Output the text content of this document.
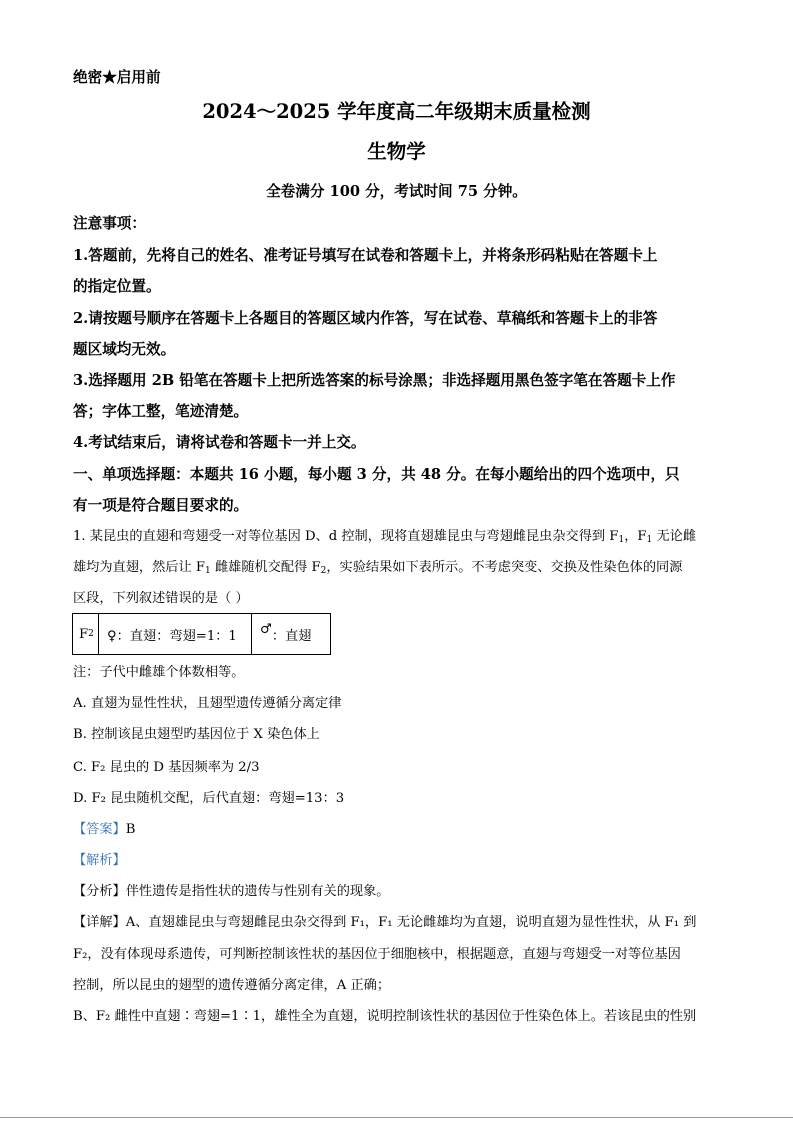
绝密★启用前
2024～2025 学年度高二年级期末质量检测
生物学
全卷满分 100 分，考试时间 75 分钟。
注意事项：
1.答题前，先将自己的姓名、准考证号填写在试卷和答题卡上，并将条形码粘贴在答题卡上
的指定位置。
2.请按题号顺序在答题卡上各题目的答题区域内作答，写在试卷、草稿纸和答题卡上的非答
题区域均无效。
3.选择题用 2B 铅笔在答题卡上把所选答案的标号涂黑；非选择题用黑色签字笔在答题卡上作
答；字体工整，笔迹清楚。
4.考试结束后，请将试卷和答题卡一并上交。
一、单项选择题：本题共 16 小题，每小题 3 分，共 48 分。在每小题给出的四个选项中，只
有一项是符合题目要求的。
1. 某昆虫的直翅和弯翅受一对等位基因 D、d 控制，现将直翅雄昆虫与弯翅雌昆虫杂交得到 $F_1$，$F_1$ 无论雌
雄均为直翅，然后让 $F_1$ 雌雄随机交配得 $F_2$，实验结果如下表所示。不考虑突变、交换及性染色体的同源
区段，下列叙述错误的是（ ）
F 2 ♀：直翅：弯翅=1：1	♂ ：直翅
注：子代中雌雄个体数相等。
A. 直翅为显性性状，且翅型遗传遵循分离定律
B. 控制该昆虫翅型旳基因位于 X 染色体上
C. F₂ 昆虫的 D 基因频率为 2/3
D. F₂ 昆虫随机交配，后代直翅：弯翅=13：3
【答案】B
【解析】
【分析】伴性遗传是指性状的遗传与性别有关的现象。
【详解】A、直翅雄昆虫与弯翅雌昆虫杂交得到 F₁，F₁ 无论雌雄均为直翅，说明直翅为显性性状，从 F₁ 到
F₂，没有体现母系遗传，可判断控制该性状的基因位于细胞核中，根据题意，直翅与弯翅受一对等位基因
控制，所以昆虫的翅型的遗传遵循分离定律，A 正确；
B、F₂ 雌性中直翅∶弯翅=1∶1，雄性全为直翅，说明控制该性状的基因位于性染色体上。若该昆虫的性别
